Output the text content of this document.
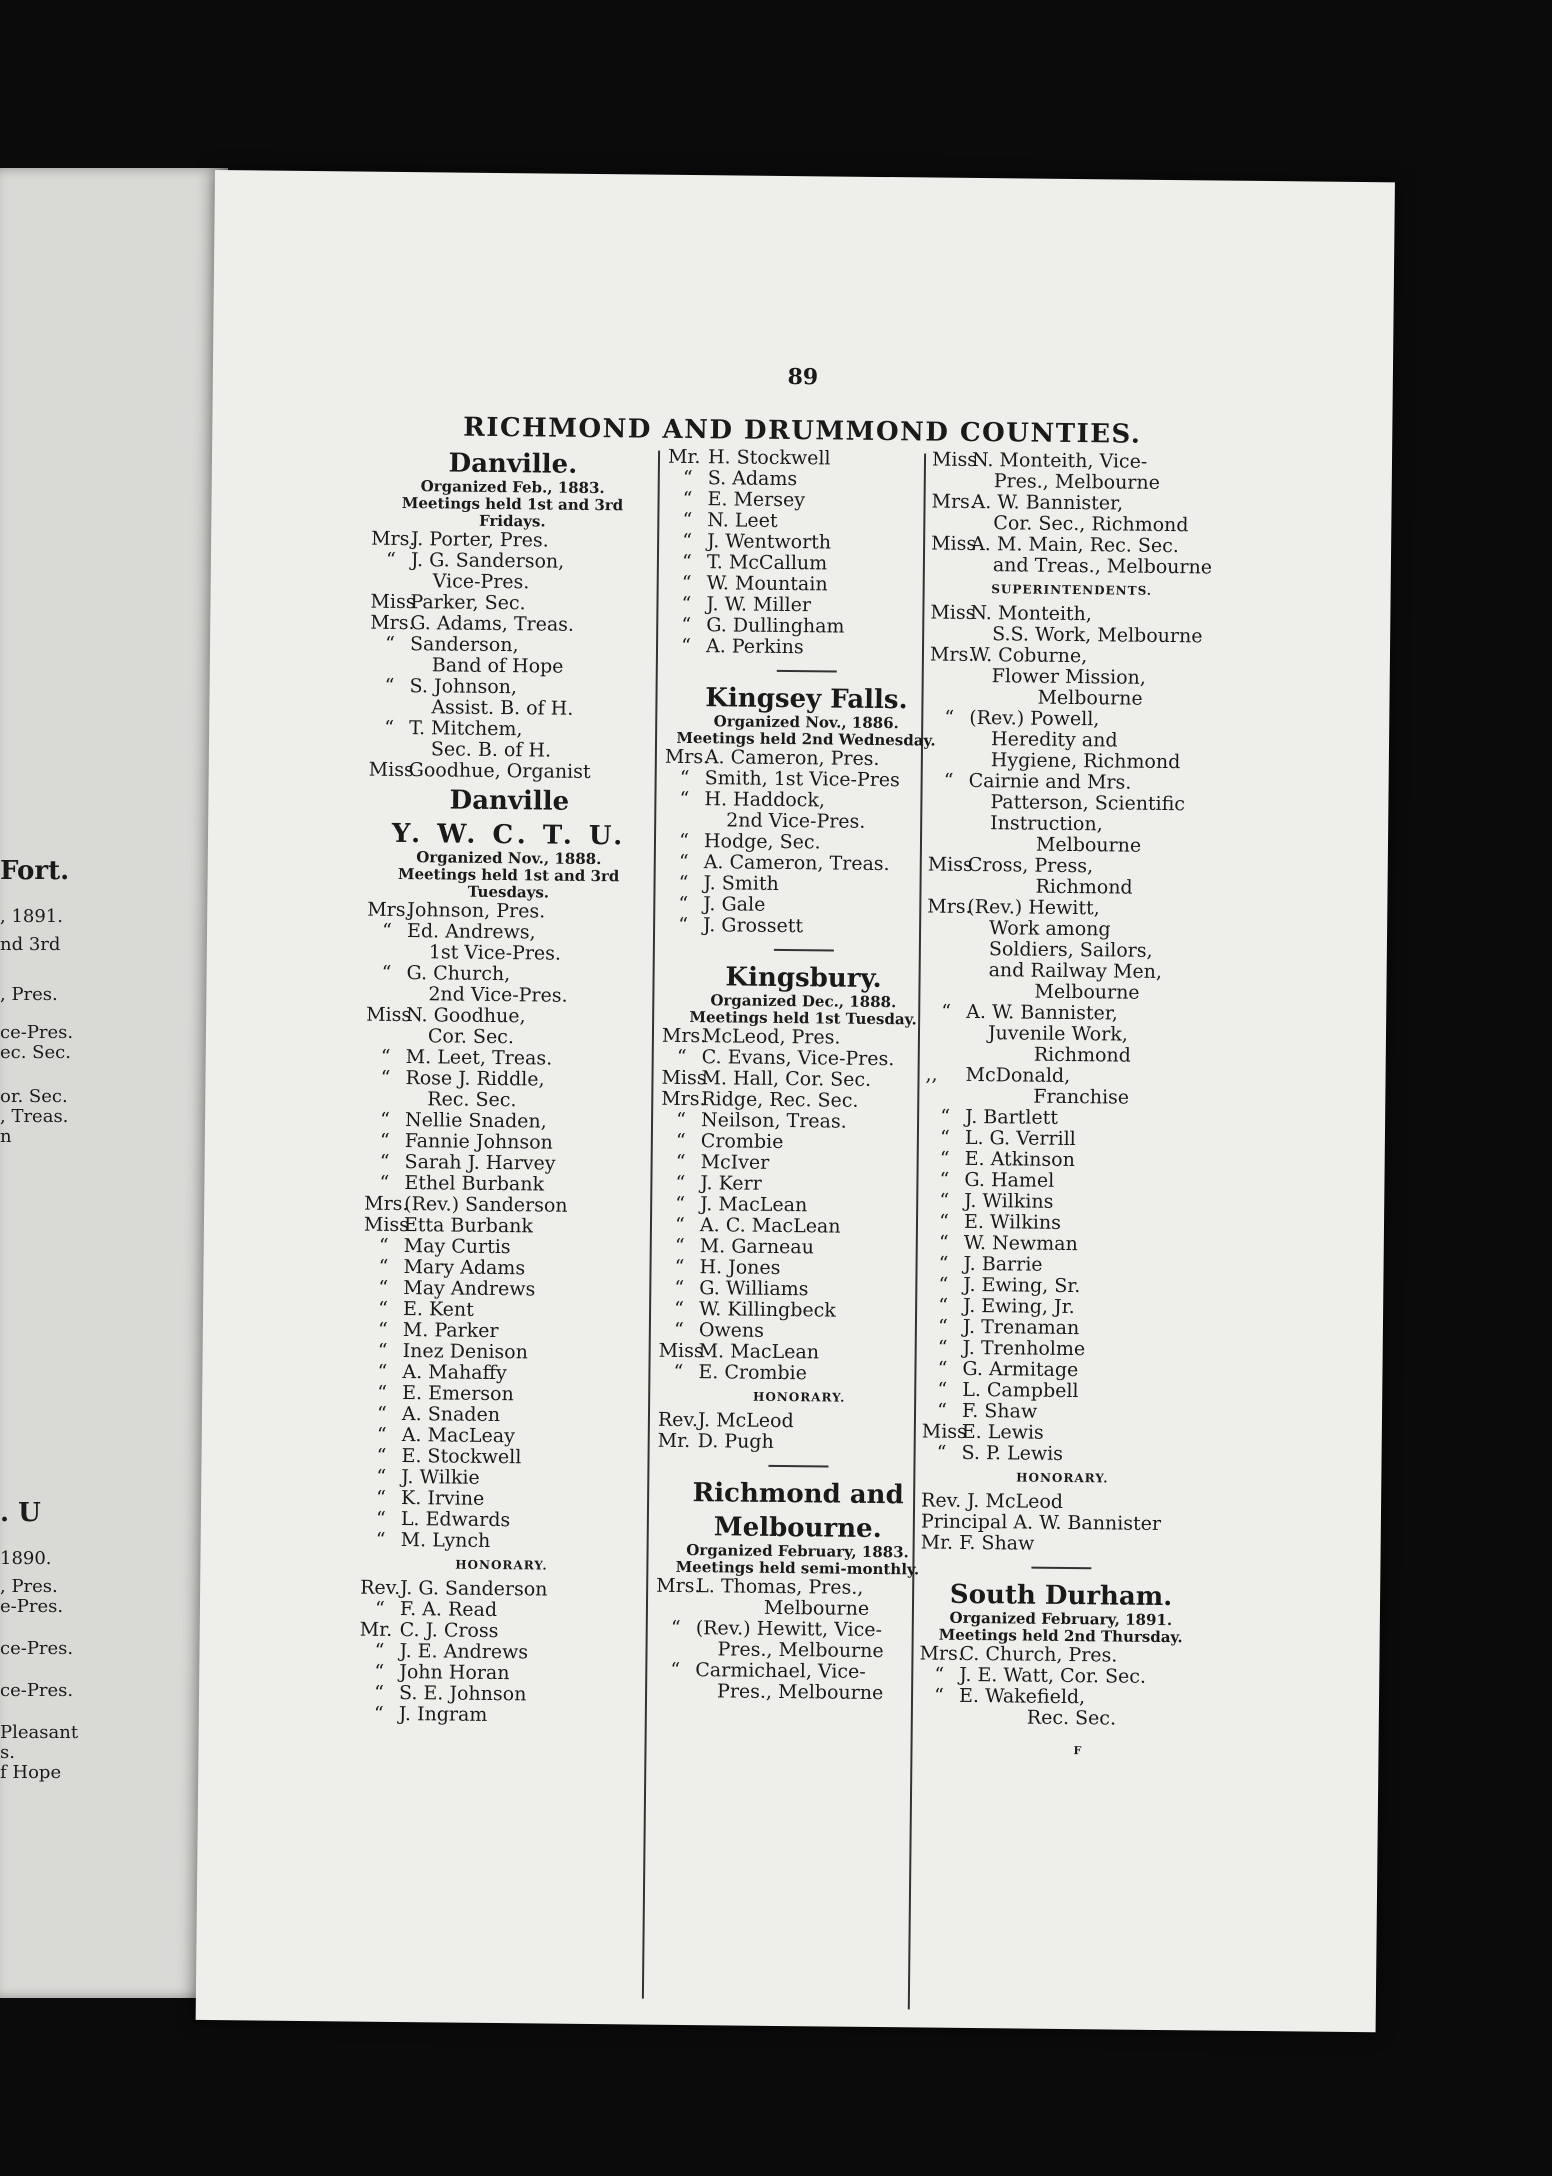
Fort.
, 1891.
nd 3rd
, Pres.
ce-Pres.
ec. Sec.
or. Sec.
, Treas.
n
. U
1890.
, Pres.
e-Pres.
ce-Pres.
ce-Pres.
Pleasant
s.
f Hope
89
RICHMOND AND DRUMMOND COUNTIES.
Danville.
Organized Feb., 1883.
Meetings held 1st and 3rd Fridays.
Mrs.
J. Porter, Pres.
“ J. G. Sanderson,
Vice-Pres.
Miss
Parker, Sec.
Mrs.
G. Adams, Treas.
“ Sanderson,
Band of Hope
“ S. Johnson,
Assist. B. of H.
“ T. Mitchem,
Sec. B. of H.
Miss
Goodhue, Organist
Danville
Y. W. C. T. U.
Organized Nov., 1888.
Meetings held 1st and 3rd Tuesdays.
Mrs.
Johnson, Pres.
“ Ed. Andrews,
1st Vice-Pres.
“ G. Church,
2nd Vice-Pres.
Miss
N. Goodhue,
Cor. Sec.
“ M. Leet, Treas.
“ Rose J. Riddle,
Rec. Sec.
“ Nellie Snaden,
“ Fannie Johnson
“ Sarah J. Harvey
“ Ethel Burbank
Mrs.
(Rev.) Sanderson
Miss
Etta Burbank
“ May Curtis
“ Mary Adams
“ May Andrews
“ E. Kent
“ M. Parker
“ Inez Denison
“ A. Mahaffy
“ E. Emerson
“ A. Snaden
“ A. MacLeay
“ E. Stockwell
“ J. Wilkie
“ K. Irvine
“ L. Edwards
“ M. Lynch
HONORARY.
Rev. J. G. Sanderson
“ F. A. Read
Mr. C. J. Cross
“ J. E. Andrews
“ John Horan
“ S. E. Johnson
“ J. Ingram
Mr. H. Stockwell
“ S. Adams
“ E. Mersey
“ N. Leet
“ J. Wentworth
“ T. McCallum
“ W. Mountain
“ J. W. Miller
“ G. Dullingham
“ A. Perkins
Kingsey Falls.
Organized Nov., 1886.
Meetings held 2nd Wednesday.
Mrs.
A. Cameron, Pres.
“ Smith, 1st Vice-Pres
“ H. Haddock,
2nd Vice-Pres.
“ Hodge, Sec.
“ A. Cameron, Treas.
“ J. Smith
“ J. Gale
“ J. Grossett
Kingsbury.
Organized Dec., 1888.
Meetings held 1st Tuesday.
Mrs.
McLeod, Pres.
“ C. Evans, Vice-Pres.
Miss
M. Hall, Cor. Sec.
Mrs.
Ridge, Rec. Sec.
“ Neilson, Treas.
“ Crombie
“ McIver
“ J. Kerr
“ J. MacLean
“ A. C. MacLean
“ M. Garneau
“ H. Jones
“ G. Williams
“ W. Killingbeck
“ Owens
Miss
M. MacLean
“ E. Crombie
HONORARY.
Rev. J. McLeod
Mr. D. Pugh
Richmond and
Melbourne.
Organized February, 1883.
Meetings held semi-monthly.
Mrs.
L. Thomas, Pres.,
Melbourne
“ (Rev.) Hewitt, Vice-
Pres., Melbourne
“ Carmichael, Vice-
Pres., Melbourne
Miss
N. Monteith, Vice-
Pres., Melbourne
Mrs.
A. W. Bannister,
Cor. Sec., Richmond
Miss
A. M. Main, Rec. Sec.
and Treas., Melbourne
SUPERINTENDENTS.
Miss
N. Monteith,
S.S. Work, Melbourne
Mrs.
W. Coburne,
Flower Mission,
Melbourne
“ (Rev.) Powell,
Heredity and
Hygiene, Richmond
“ Cairnie and Mrs.
Patterson, Scientific
Instruction,
Melbourne
Miss
Cross, Press,
Richmond
Mrs.
(Rev.) Hewitt,
Work among
Soldiers, Sailors,
and Railway Men,
Melbourne
“ A. W. Bannister,
Juvenile Work,
Richmond
,,	McDonald,
Franchise
“ J. Bartlett
“ L. G. Verrill
“ E. Atkinson
“ G. Hamel
“ J. Wilkins
“ E. Wilkins
“ W. Newman
“ J. Barrie
“ J. Ewing, Sr.
“ J. Ewing, Jr.
“ J. Trenaman
“ J. Trenholme
“ G. Armitage
“ L. Campbell
“ F. Shaw
Miss
E. Lewis
“ S. P. Lewis
HONORARY.
Rev. J. McLeod
Principal A. W. Bannister
Mr. F. Shaw
South Durham.
Organized February, 1891.
Meetings held 2nd Thursday.
Mrs.
C. Church, Pres.
“ J. E. Watt, Cor. Sec.
“ E. Wakefield,
Rec. Sec.
F
